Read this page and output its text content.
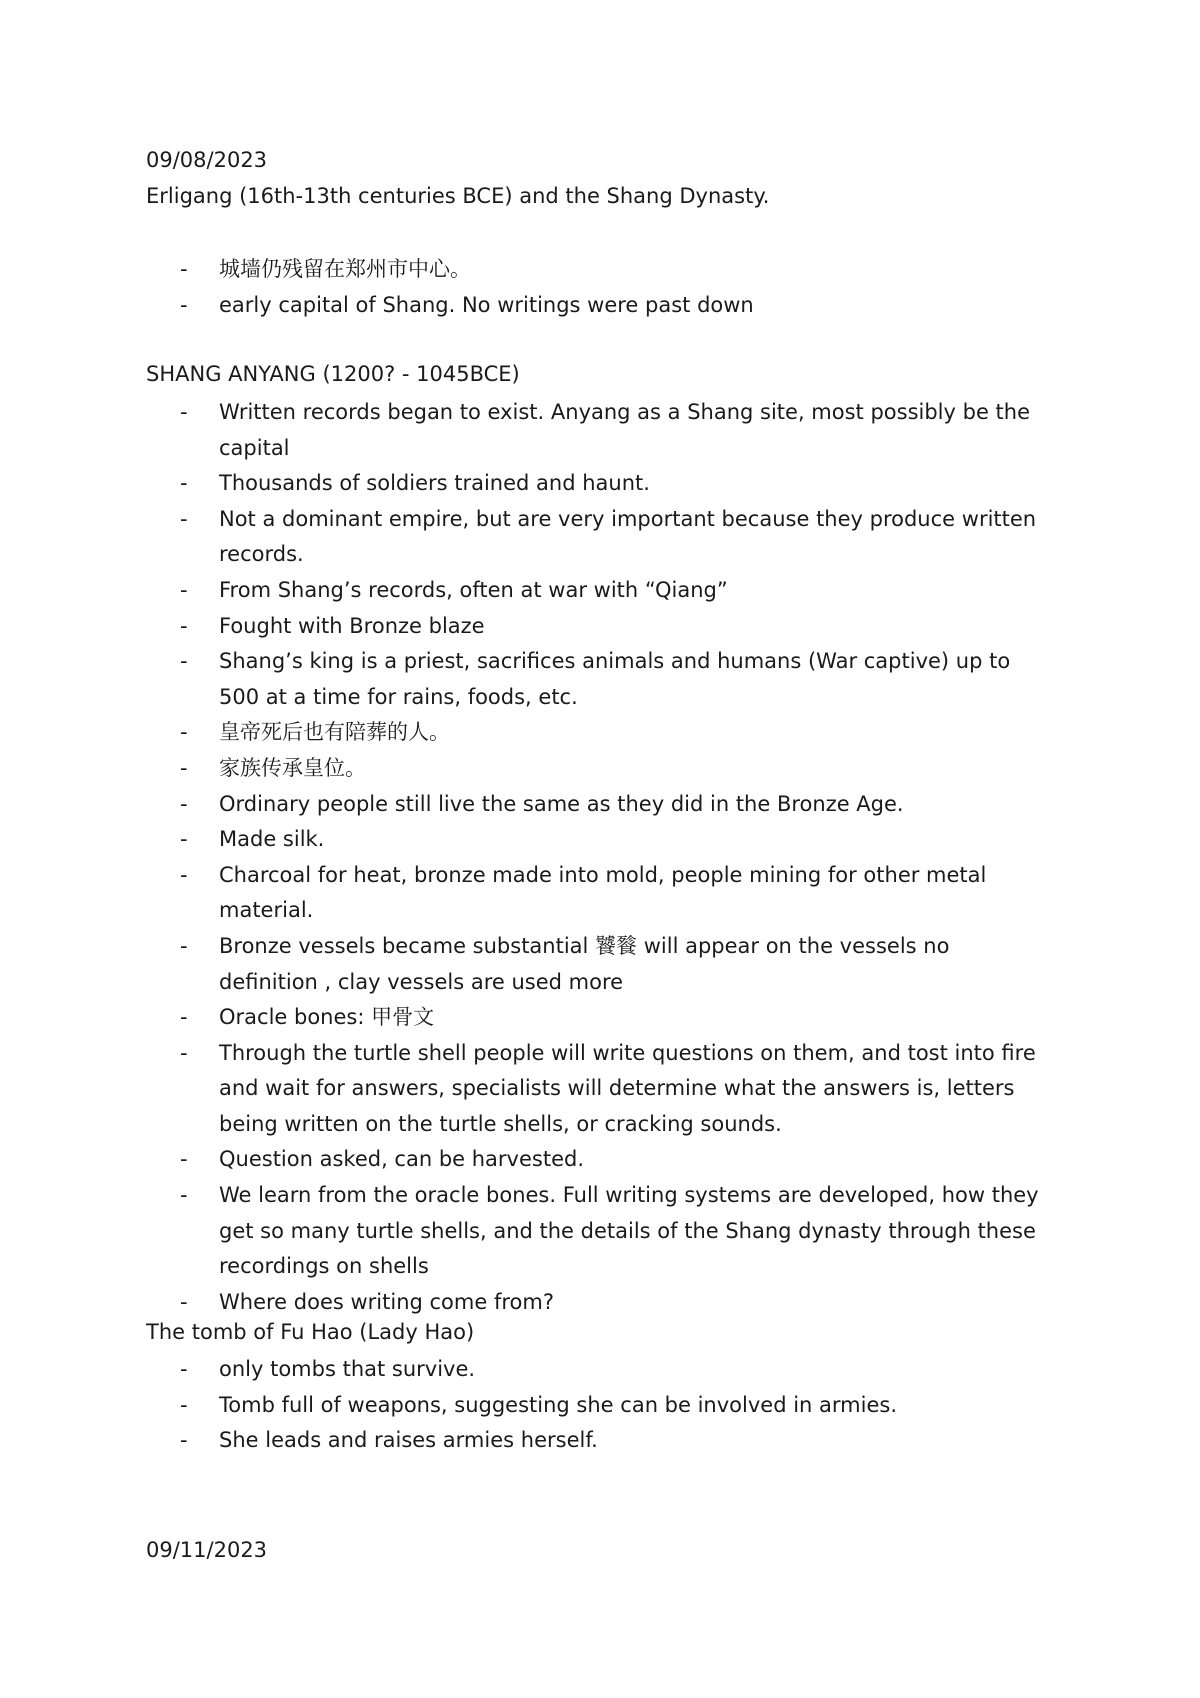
09/08/2023
Erligang (16th-13th centuries BCE) and the Shang Dynasty.
- 城墙仍残留在郑州市中心。
- early capital of Shang. No writings were past down
SHANG ANYANG (1200? - 1045BCE)
- Written records began to exist. Anyang as a Shang site, most possibly be the capital
- Thousands of soldiers trained and haunt.
- Not a dominant empire, but are very important because they produce written records.
- From Shang’s records, often at war with “Qiang”
- Fought with Bronze blaze
- Shang’s king is a priest, sacrifices animals and humans (War captive) up to 500 at a time for rains, foods, etc.
- 皇帝死后也有陪葬的人。
- 家族传承皇位。
- Ordinary people still live the same as they did in the Bronze Age.
- Made silk.
- Charcoal for heat, bronze made into mold, people mining for other metal material.
- Bronze vessels became substantial 饕餮 will appear on the vessels no definition , clay vessels are used more
- Oracle bones: 甲骨文
- Through the turtle shell people will write questions on them, and tost into fire and wait for answers, specialists will determine what the answers is, letters being written on the turtle shells, or cracking sounds.
- Question asked, can be harvested.
- We learn from the oracle bones. Full writing systems are developed, how they get so many turtle shells, and the details of the Shang dynasty through these recordings on shells
- Where does writing come from?
The tomb of Fu Hao (Lady Hao)
- only tombs that survive.
- Tomb full of weapons, suggesting she can be involved in armies.
- She leads and raises armies herself.
09/11/2023
